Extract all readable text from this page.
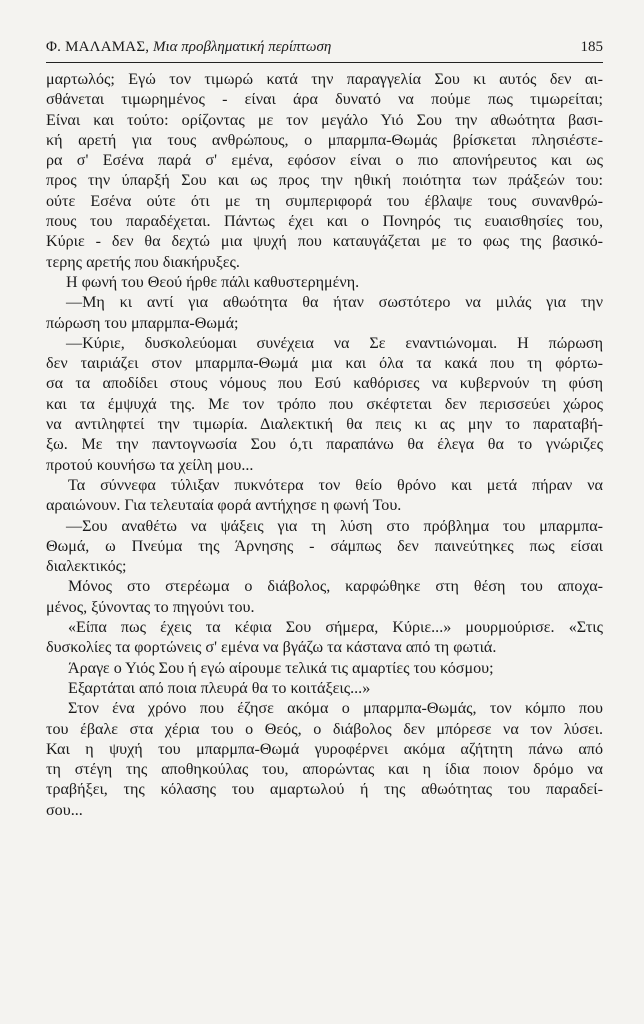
Φ. ΜΑΛΑΜΑΣ, Μια προβληματική περίπτωση	185
μαρτωλός; Εγώ τον τιμωρώ κατά την παραγγελία Σου κι αυτός δεν αι-
σθάνεται τιμωρημένος - είναι άρα δυνατό να πούμε πως τιμωρείται;
Είναι και τούτο: ορίζοντας με τον μεγάλο Υιό Σου την αθωότητα βασι-
κή αρετή για τους ανθρώπους, ο μπαρμπα-Θωμάς βρίσκεται πλησιέστε-
ρα σ' Εσένα παρά σ' εμένα, εφόσον είναι ο πιο απονήρευτος και ως
προς την ύπαρξή Σου και ως προς την ηθική ποιότητα των πράξεών του:
ούτε Εσένα ούτε ότι με τη συμπεριφορά του έβλαψε τους συνανθρώ-
πους του παραδέχεται. Πάντως έχει και ο Πονηρός τις ευαισθησίες του,
Κύριε - δεν θα δεχτώ μια ψυχή που καταυγάζεται με το φως της βασικό-
τερης αρετής που διακήρυξες.
Η φωνή του Θεού ήρθε πάλι καθυστερημένη.
—Μη κι αντί για αθωότητα θα ήταν σωστότερο να μιλάς για την
πώρωση του μπαρμπα-Θωμά;
—Κύριε, δυσκολεύομαι συνέχεια να Σε εναντιώνομαι. Η πώρωση
δεν ταιριάζει στον μπαρμπα-Θωμά μια και όλα τα κακά που τη φόρτω-
σα τα αποδίδει στους νόμους που Εσύ καθόρισες να κυβερνούν τη φύση
και τα έμψυχά της. Με τον τρόπο που σκέφτεται δεν περισσεύει χώρος
να αντιληφτεί την τιμωρία. Διαλεκτική θα πεις κι ας μην το παραταβή-
ξω. Με την παντογνωσία Σου ό,τι παραπάνω θα έλεγα θα το γνώριζες
προτού κουνήσω τα χείλη μου...
Τα σύννεφα τύλιξαν πυκνότερα τον θείο θρόνο και μετά πήραν να
αραιώνουν. Για τελευταία φορά αντήχησε η φωνή Του.
—Σου αναθέτω να ψάξεις για τη λύση στο πρόβλημα του μπαρμπα-
Θωμά, ω Πνεύμα της Άρνησης - σάμπως δεν παινεύτηκες πως είσαι
διαλεκτικός;
Μόνος στο στερέωμα ο διάβολος, καρφώθηκε στη θέση του αποχα-
μένος, ξύνοντας το πηγούνι του.
«Είπα πως έχεις τα κέφια Σου σήμερα, Κύριε...» μουρμούρισε. «Στις
δυσκολίες τα φορτώνεις σ' εμένα να βγάζω τα κάστανα από τη φωτιά.
Άραγε ο Υιός Σου ή εγώ αίρουμε τελικά τις αμαρτίες του κόσμου;
Εξαρτάται από ποια πλευρά θα το κοιτάξεις...»
Στον ένα χρόνο που έζησε ακόμα ο μπαρμπα-Θωμάς, τον κόμπο που
του έβαλε στα χέρια του ο Θεός, ο διάβολος δεν μπόρεσε να τον λύσει.
Και η ψυχή του μπαρμπα-Θωμά γυροφέρνει ακόμα αζήτητη πάνω από
τη στέγη της αποθηκούλας του, απορώντας και η ίδια ποιον δρόμο να
τραβήξει, της κόλασης του αμαρτωλού ή της αθωότητας του παραδεί-
σου...
